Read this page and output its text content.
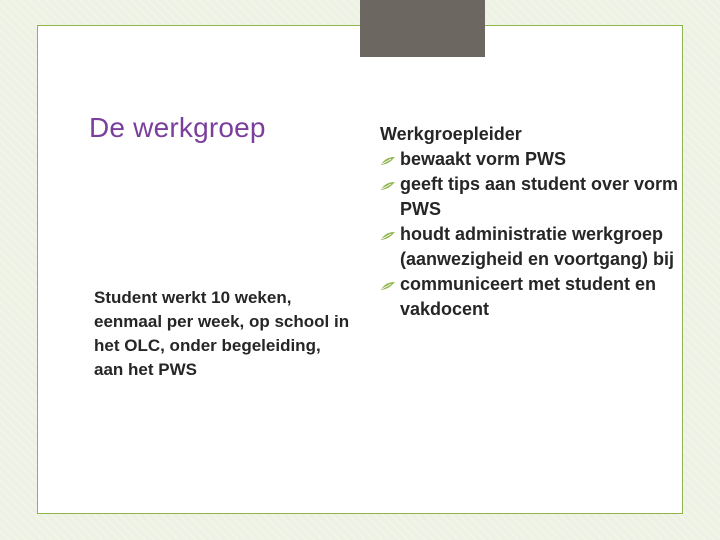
De werkgroep

Student werkt 10 weken, eenmaal per week, op school in het OLC, onder begeleiding, aan het PWS

Werkgroepleider

bewaakt vorm PWS
geeft tips aan student over vorm PWS
houdt administratie werkgroep (aanwezigheid en voortgang) bij
communiceert met student en vakdocent
